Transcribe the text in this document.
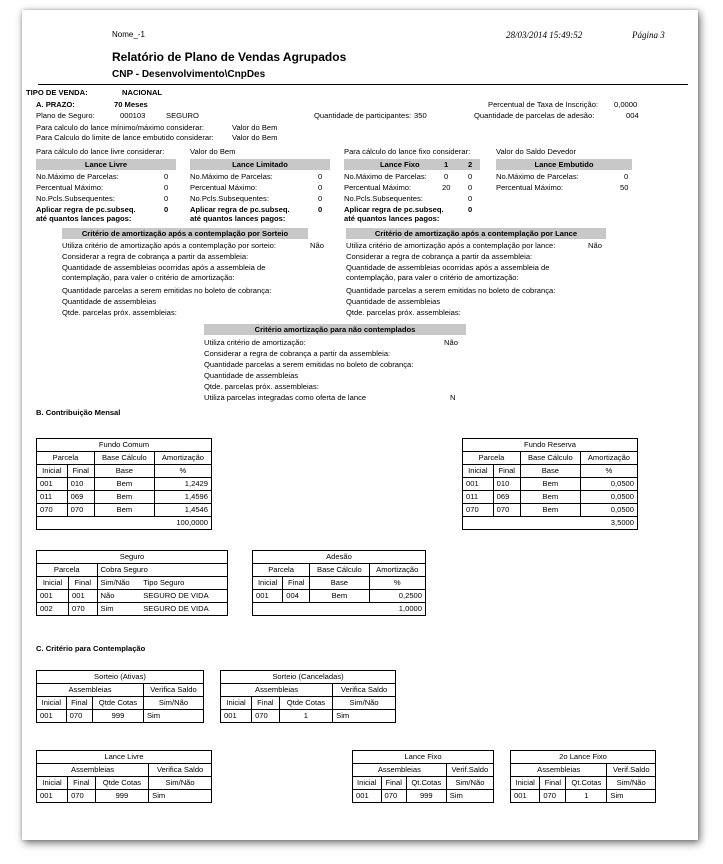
Nome_-1	28/03/2014 15:49:52	Página 3
Relatório de Plano de Vendas Agrupados
CNP - Desenvolvimento\CnpDes
TIPO DE VENDA:	NACIONAL
A. PRAZO:	70 Meses	Percentual de Taxa de Inscrição: 0,0000
Plano de Seguro:	000103	SEGURO	Quantidade de participantes: 350	Quantidade de parcelas de adesão:	004
Para calculo do lance mínimo/máximo considerar:	Valor do Bem
Para Calculo do limite de lance embutido considerar: Valor do Bem
Para cálculo do lance livre considerar:	Valor do Bem	Para cálculo do lance fixo considerar:	Valor do Saldo Devedor
Lance Livre
No.Máximo de Parcelas:	0
Percentual Máximo:	0
No.Pcls.Subsequentes:	0
Aplicar regra de pc.subseq.	0
até quantos lances pagos:
Lance Limitado
No.Máximo de Parcelas:	0
Percentual Máximo:	0
No.Pcls.Subsequentes:	0
Aplicar regra de pc.subseq.	0
até quantos lances pagos:
Lance Fixo	1	2
No.Máximo de Parcelas: 0	0
Percentual Máximo:	20 0
No.Pcls.Subsequentes:	0
Aplicar regra de pc.subseq.	0
até quantos lances pagos:
Lance Embutido
No.Máximo de Parcelas:	0
Percentual Máximo:	50
Critério de amortização após a contemplação por Sorteio
Utiliza critério de amortização após a contemplação por sorteio:	Não
Considerar a regra de cobrança a partir da assembleia:
Quantidade de assembleias ocorridas após a assembleia de
contemplação, para valer o critério de amortização:
Quantidade parcelas a serem emitidas no boleto de cobrança:
Quantidade de assembleias
Qtde. parcelas próx. assembleias:
Critério de amortização após a contemplação por Lance
Utiliza critério de amortização após a contemplação por lance:	Não
Considerar a regra de cobrança a partir da assembleia:
Quantidade de assembleias ocorridas após a assembleia de
contemplação, para valer o critério de amortização:
Quantidade parcelas a serem emitidas no boleto de cobrança:
Quantidade de assembleias
Qtde. parcelas próx. assembleias:
Critério amortização para não contemplados
Utiliza critério de amortização:	Não
Considerar a regra de cobrança a partir da assembleia:
Quantidade parcelas a serem emitidas no boleto de cobrança:
Quantidade de assembleias
Qtde. parcelas próx. assembleias:
Utiliza parcelas integradas como oferta de lance	N
B. Contribuição Mensal
Fundo Comum			
Parcela		Base Cálculo	Amortização
Inicial	Final	Base	%
001	010	Bem	1,2429
011	069	Bem	1,4596
070	070	Bem	1,4546
100,0000			
Fundo Reserva			
Parcela		Base Cálculo	Amortização
Inicial	Final	Base	%
001	010	Bem	0,0500
011	069	Bem	0,0500
070	070	Bem	0,0500
3,5000			
Seguro			
Parcela		Cobra Seguro	
Inicial	Final	Sim/Não	Tipo Seguro
001	001	Não	SEGURO DE VIDA
002	070	Sim	SEGURO DE VIDA
Adesão			
Parcela		Base Cálculo	Amortização
Inicial	Final	Base	%
001	004	Bem	0,2500
1,0000			
C. Critério para Contemplação
Sorteio (Ativas)			
Assembleias			Verifica Saldo
Inicial	Final	Qtde Cotas	Sim/Não
001	070	999	Sim
Sorteio (Canceladas)			
Assembleias			Verifica Saldo
Inicial	Final	Qtde Cotas	Sim/Não
001	070	1	Sim
Lance Livre			
Assembleias			Verifica Saldo
Inicial	Final	Qtde Cotas	Sim/Não
001	070	999	Sim
Lance Fixo			
Assembleias			Verif.Saldo
Inicial	Final	Qt.Cotas	Sim/Não
001	070	999	Sim
2o Lance Fixo			
Assembleias			Verif.Saldo
Inicial	Final	Qt.Cotas	Sim/Não
001	070	1	Sim
